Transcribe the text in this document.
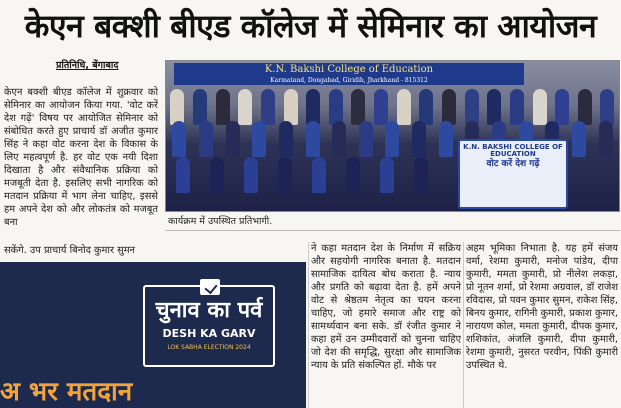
केएन बक्शी बीएड कॉलेज में सेमिनार का आयोजन
प्रतिनिधि, बेंगाबाद
केएन बक्शी बीएड कॉलेज में शुक्रवार को सेमिनार का आयोजन किया गया. 'वोट करें देश गढ़ें' विषय पर आयोजित सेमिनार को संबोधित करते हुए प्राचार्य डॉ अजीत कुमार सिंह ने कहा वोट करना देश के विकास के लिए महत्वपूर्ण है. हर वोट एक नयी दिशा दिखाता है और संवैधानिक प्रक्रिया को मजबूती देता है. इसलिए सभी नागरिक को मतदान प्रक्रिया में भाग लेना चाहिए, इससे हम अपने देश को और लोकतंत्र को मजबूत बना
K.N. Bakshi College of Education
Karmatand, Dongabad, Giridih, Jharkhand - 815312
K.N. BAKSHI COLLEGE OF EDUCATION
वोट करें देश गढ़ें
कार्यक्रम में उपस्थित प्रतिभागी.
सकेंगे. उप प्राचार्य बिनोद कुमार सुमन	ने कहा मतदान देश के निर्माण में सक्रिय और सहयोगी नागरिक बनाता है. मतदान सामाजिक दायित्व बोध कराता है. न्याय और प्रगति को बढ़ावा देता है. हमें अपने वोट से श्रेष्ठतम नेतृत्व का चयन करना चाहिए, जो हमारे समाज और राष्ट्र को सामर्थ्यवान बना सके. डॉ रंजीत कुमार ने कहा हमें उन उम्मीदवारों को चुनना चाहिए जो देश की समृद्धि, सुरक्षा और सामाजिक न्याय के प्रति संकल्पित हों. मौके पर
अहम भूमिका निभाता है. यह हमें संजय वर्मा, रेशमा कुमारी, मनोज पांडेय, दीपा कुमारी, ममता कुमारी, प्रो नीलेश लकड़ा, प्रो नूतन शर्मा, प्रो रेशमा अग्रवाल, डॉ राजेश रविदास, प्रो पवन कुमार सुमन, राकेश सिंह, बिनय कुमार, रागिनी कुमारी, प्रकाश कुमार, नारायण कोल, ममता कुमारी, दीपक कुमार, शशिकांत, अंजलि कुमारी, दीपा कुमारी, रेशमा कुमारी, नुसरत परवीन, पिंकी कुमारी उपस्थित थे.
चुनाव का पर्व
DESH KA GARV
LOK SABHA ELECTION 2024
अ भर मतदान
